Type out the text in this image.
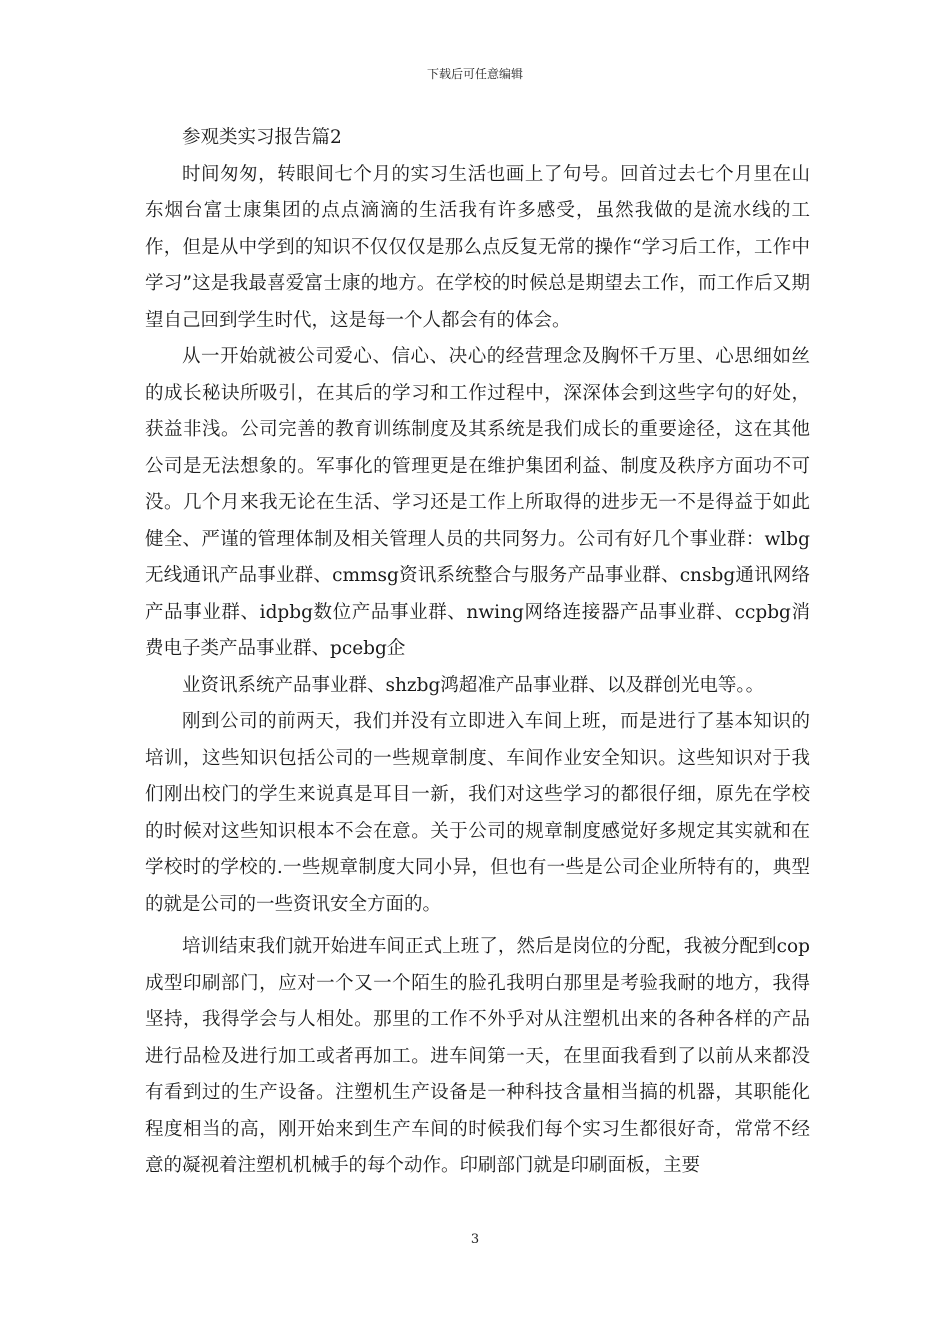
下载后可任意编辑

参观类实习报告篇2

时间匆匆，转眼间七个月的实习生活也画上了句号。回首过去七个月里在山东烟台富士康集团的点点滴滴的生活我有许多感受，虽然我做的是流水线的工作，但是从中学到的知识不仅仅仅是那么点反复无常的操作“学习后工作，工作中学习”这是我最喜爱富士康的地方。在学校的时候总是期望去工作，而工作后又期望自己回到学生时代，这是每一个人都会有的体会。

从一开始就被公司爱心、信心、决心的经营理念及胸怀千万里、心思细如丝的成长秘诀所吸引，在其后的学习和工作过程中，深深体会到这些字句的好处，获益非浅。公司完善的教育训练制度及其系统是我们成长的重要途径，这在其他公司是无法想象的。军事化的管理更是在维护集团利益、制度及秩序方面功不可没。几个月来我无论在生活、学习还是工作上所取得的进步无一不是得益于如此健全、严谨的管理体制及相关管理人员的共同努力。公司有好几个事业群：wlbg无线通讯产品事业群、cmmsg资讯系统整合与服务产品事业群、cnsbg通讯网络产品事业群、idpbg数位产品事业群、nwing网络连接器产品事业群、ccpbg消费电子类产品事业群、pcebg企

业资讯系统产品事业群、shzbg鸿超准产品事业群、以及群创光电等。。

刚到公司的前两天，我们并没有立即进入车间上班，而是进行了基本知识的培训，这些知识包括公司的一些规章制度、车间作业安全知识。这些知识对于我们刚出校门的学生来说真是耳目一新，我们对这些学习的都很仔细，原先在学校的时候对这些知识根本不会在意。关于公司的规章制度感觉好多规定其实就和在学校时的学校的.一些规章制度大同小异，但也有一些是公司企业所特有的，典型的就是公司的一些资讯安全方面的。

培训结束我们就开始进车间正式上班了，然后是岗位的分配，我被分配到cop成型印刷部门，应对一个又一个陌生的脸孔我明白那里是考验我耐的地方，我得坚持，我得学会与人相处。那里的工作不外乎对从注塑机出来的各种各样的产品进行品检及进行加工或者再加工。进车间第一天，在里面我看到了以前从来都没有看到过的生产设备。注塑机生产设备是一种科技含量相当搞的机器，其职能化程度相当的高，刚开始来到生产车间的时候我们每个实习生都很好奇，常常不经意的凝视着注塑机机械手的每个动作。印刷部门就是印刷面板，主要

3
